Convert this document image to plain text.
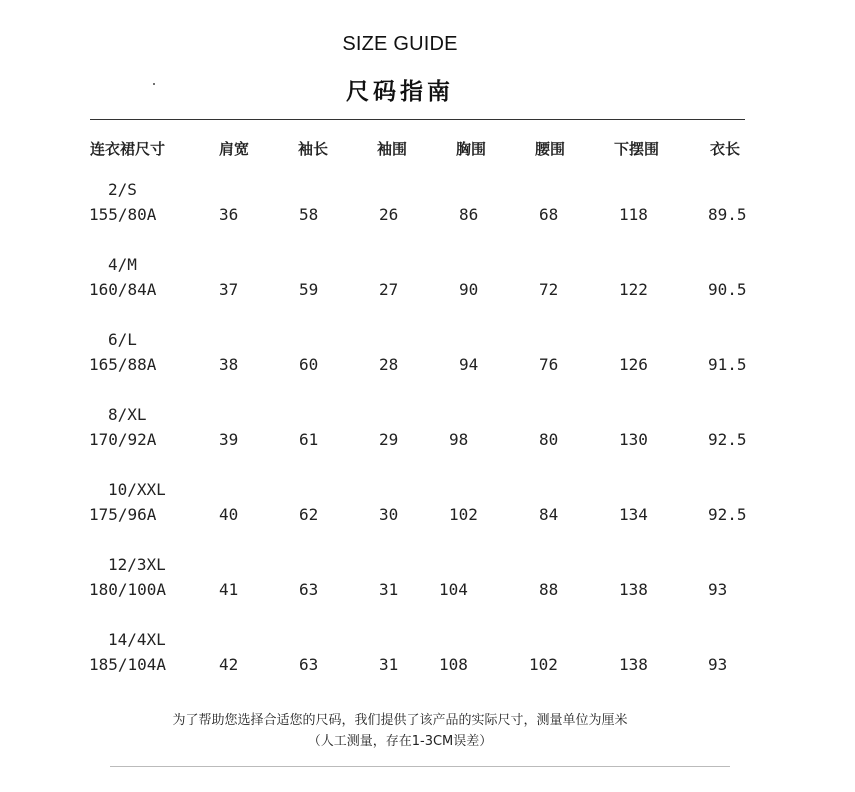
SIZE GUIDE
尺码指南
连衣裙尺寸	肩宽	袖长	袖围	胸围	腰围	下摆围	衣长
2/S
155/80A	36	58	26	86	68	118	89.5
4/M
160/84A	37	59	27	90	72	122	90.5
6/L
165/88A	38	60	28	94	76	126	91.5
8/XL
170/92A	39	61	29	98	80	130	92.5
10/XXL
175/96A	40	62	30	102	84	134	92.5
12/3XL
180/100A	41	63	31	104	88	138	93
14/4XL
185/104A	42	63	31	108	102	138	93
为了帮助您选择合适您的尺码，我们提供了该产品的实际尺寸，测量单位为厘米
（人工测量，存在1-3CM误差）
